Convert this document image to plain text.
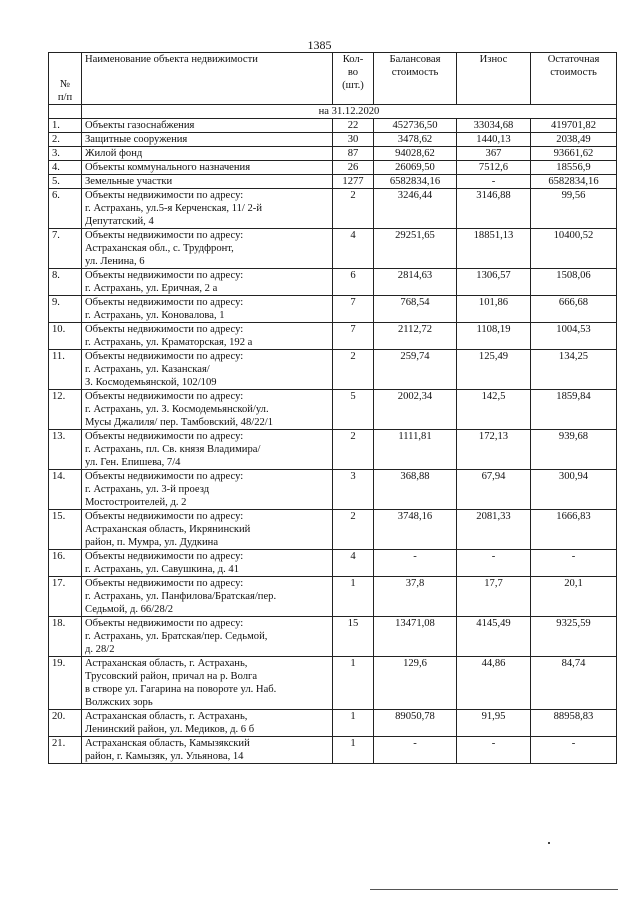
1385
№
п/п	Наименование объекта недвижимости	Кол-
во
(шт.)	Балансовая
стоимость	Износ	Остаточная
стоимость
	на 31.12.2020				
1.	Объекты газоснабжения	22	452736,50	33034,68	419701,82
2.	Защитные сооружения	30	3478,62	1440,13	2038,49
3.	Жилой фонд	87	94028,62	367	93661,62
4.	Объекты коммунального назначения	26	26069,50	7512,6	18556,9
5.	Земельные участки	1277	6582834,16	-	6582834,16
6.	Объекты недвижимости по адресу:
г. Астрахань, ул.5-я Керченская, 11/ 2-й
Депутатский, 4	2	3246,44	3146,88	99,56
7.	Объекты недвижимости по адресу:
Астраханская обл., с. Трудфронт,
ул. Ленина, 6	4	29251,65	18851,13	10400,52
8.	Объекты недвижимости по адресу:
г. Астрахань, ул. Еричная, 2 а	6	2814,63	1306,57	1508,06
9.	Объекты недвижимости по адресу:
г. Астрахань, ул. Коновалова, 1	7	768,54	101,86	666,68
10.	Объекты недвижимости по адресу:
г. Астрахань, ул. Краматорская, 192 а	7	2112,72	1108,19	1004,53
11.	Объекты недвижимости по адресу:
г. Астрахань, ул. Казанская/
З. Космодемьянской, 102/109	2	259,74	125,49	134,25
12.	Объекты недвижимости по адресу:
г. Астрахань, ул. З. Космодемьянской/ул.
Мусы Джалиля/ пер. Тамбовский, 48/22/1	5	2002,34	142,5	1859,84
13.	Объекты недвижимости по адресу:
г. Астрахань, пл. Св. князя Владимира/
ул. Ген. Епишева, 7/4	2	1111,81	172,13	939,68
14.	Объекты недвижимости по адресу:
г. Астрахань, ул. 3-й проезд
Мостостроителей, д. 2	3	368,88	67,94	300,94
15.	Объекты недвижимости по адресу:
Астраханская область, Икрянинский
район, п. Мумра, ул. Дудкина	2	3748,16	2081,33	1666,83
16.	Объекты недвижимости по адресу:
г. Астрахань, ул. Савушкина, д. 41	4	-	-	-
17.	Объекты недвижимости по адресу:
г. Астрахань, ул. Панфилова/Братская/пер.
Седьмой, д. 66/28/2	1	37,8	17,7	20,1
18.	Объекты недвижимости по адресу:
г. Астрахань, ул. Братская/пер. Седьмой,
д. 28/2	15	13471,08	4145,49	9325,59
19.	Астраханская область, г. Астрахань,
Трусовский район, причал на р. Волга
в створе ул. Гагарина на повороте ул. Наб.
Волжских зорь	1	129,6	44,86	84,74
20.	Астраханская область, г. Астрахань,
Ленинский район, ул. Медиков, д. 6 б	1	89050,78	91,95	88958,83
21.	Астраханская область, Камызякский
район, г. Камызяк, ул. Ульянова, 14	1	-	-	-
